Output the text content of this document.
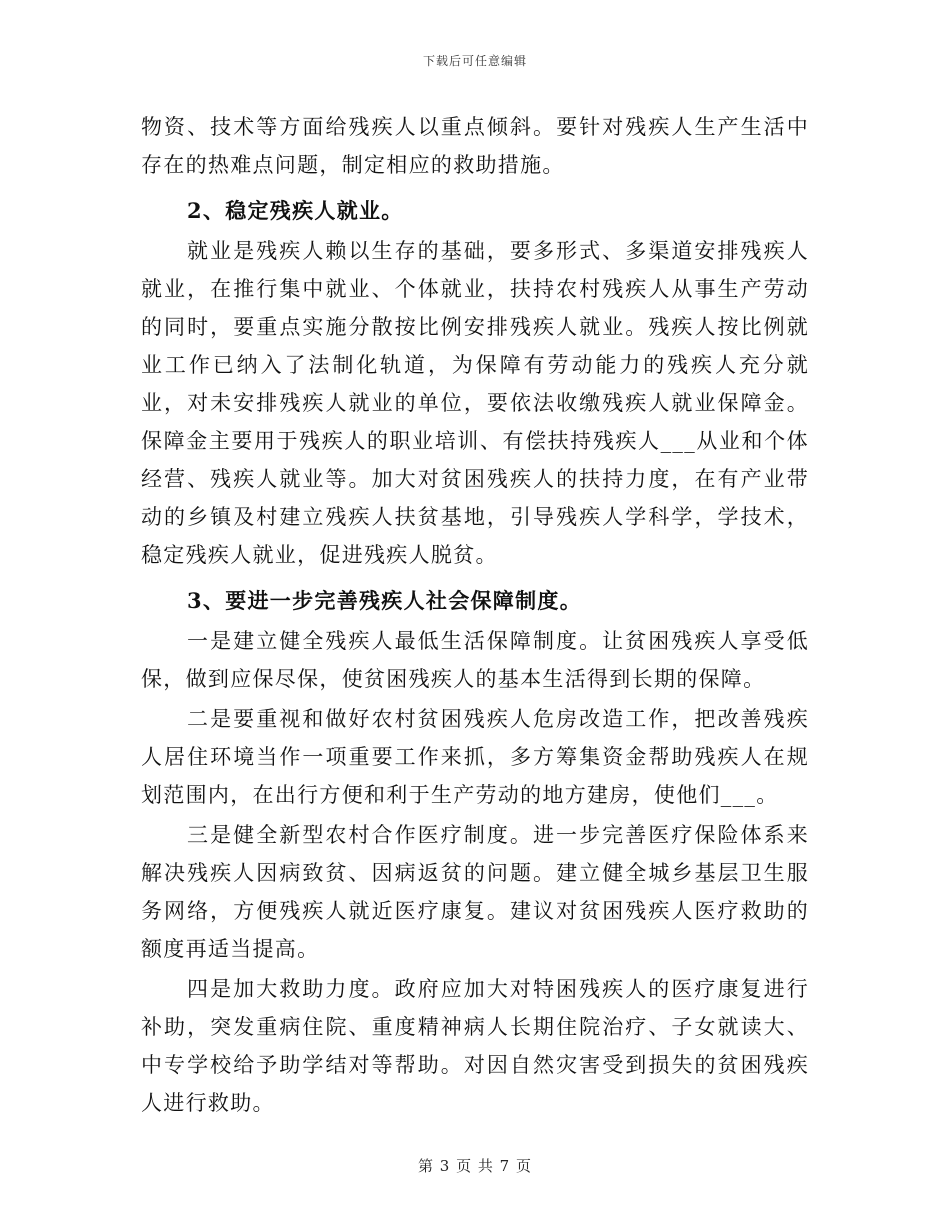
下载后可任意编辑

物资、技术等方面给残疾人以重点倾斜。要针对残疾人生产生活中存在的热难点问题，制定相应的救助措施。

2、稳定残疾人就业。

就业是残疾人赖以生存的基础，要多形式、多渠道安排残疾人就业，在推行集中就业、个体就业，扶持农村残疾人从事生产劳动的同时，要重点实施分散按比例安排残疾人就业。残疾人按比例就业工作已纳入了法制化轨道，为保障有劳动能力的残疾人充分就业，对未安排残疾人就业的单位，要依法收缴残疾人就业保障金。保障金主要用于残疾人的职业培训、有偿扶持残疾人___从业和个体经营、残疾人就业等。加大对贫困残疾人的扶持力度，在有产业带动的乡镇及村建立残疾人扶贫基地，引导残疾人学科学，学技术，稳定残疾人就业，促进残疾人脱贫。

3、要进一步完善残疾人社会保障制度。

一是建立健全残疾人最低生活保障制度。让贫困残疾人享受低保，做到应保尽保，使贫困残疾人的基本生活得到长期的保障。

二是要重视和做好农村贫困残疾人危房改造工作，把改善残疾人居住环境当作一项重要工作来抓，多方筹集资金帮助残疾人在规划范围内，在出行方便和利于生产劳动的地方建房，使他们___。

三是健全新型农村合作医疗制度。进一步完善医疗保险体系来解决残疾人因病致贫、因病返贫的问题。建立健全城乡基层卫生服务网络，方便残疾人就近医疗康复。建议对贫困残疾人医疗救助的额度再适当提高。

四是加大救助力度。政府应加大对特困残疾人的医疗康复进行补助，突发重病住院、重度精神病人长期住院治疗、子女就读大、中专学校给予助学结对等帮助。对因自然灾害受到损失的贫困残疾人进行救助。

第 3 页 共 7 页
